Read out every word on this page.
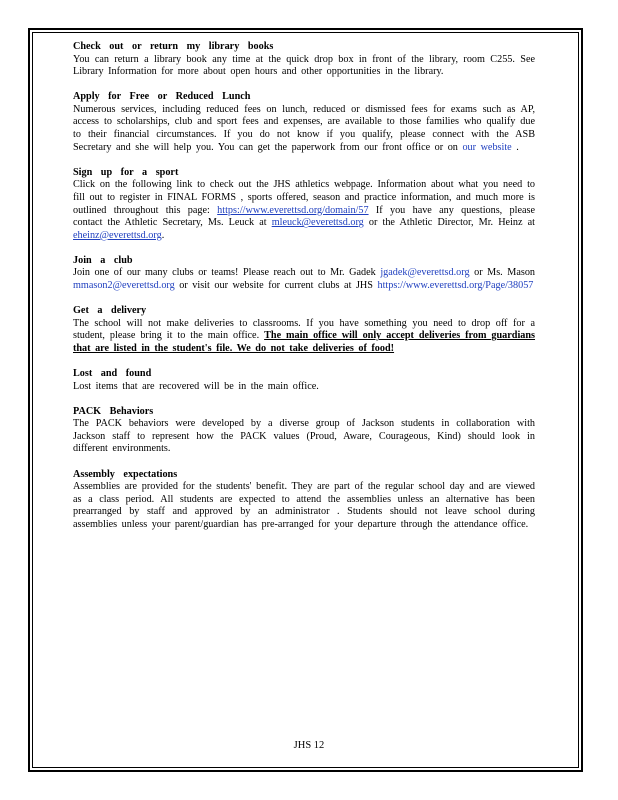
Check out or return my library books
You can return a library book any time at the quick drop box in front of the library, room C255. See Library Information for more about open hours and other opportunities in the library.
Apply for Free or Reduced Lunch
Numerous services, including reduced fees on lunch, reduced or dismissed fees for exams such as AP, access to scholarships, club and sport fees and expenses, are available to those families who qualify due to their financial circumstances. If you do not know if you qualify, please connect with the ASB Secretary and she will help you. You can get the paperwork from our front office or on our website .
Sign up for a sport
Click on the following link to check out the JHS athletics webpage. Information about what you need to fill out to register in FINAL FORMS , sports offered, season and practice information, and much more is outlined throughout this page: https://www.everettsd.org/domain/57 If you have any questions, please contact the Athletic Secretary, Ms. Leuck at mleuck@everettsd.org or the Athletic Director, Mr. Heinz at eheinz@everettsd.org.
Join a club
Join one of our many clubs or teams! Please reach out to Mr. Gadek jgadek@everettsd.org or Ms. Mason mmason2@everettsd.org or visit our website for current clubs at JHS https://www.everettsd.org/Page/38057
Get a delivery
The school will not make deliveries to classrooms. If you have something you need to drop off for a student, please bring it to the main office. The main office will only accept deliveries from guardians that are listed in the student's file. We do not take deliveries of food!
Lost and found
Lost items that are recovered will be in the main office.
PACK Behaviors
The PACK behaviors were developed by a diverse group of Jackson students in collaboration with Jackson staff to represent how the PACK values (Proud, Aware, Courageous, Kind) should look in different environments.
Assembly expectations
Assemblies are provided for the students' benefit. They are part of the regular school day and are viewed as a class period. All students are expected to attend the assemblies unless an alternative has been prearranged by staff and approved by an administrator . Students should not leave school during assemblies unless your parent/guardian has pre-arranged for your departure through the attendance office.
JHS 12
